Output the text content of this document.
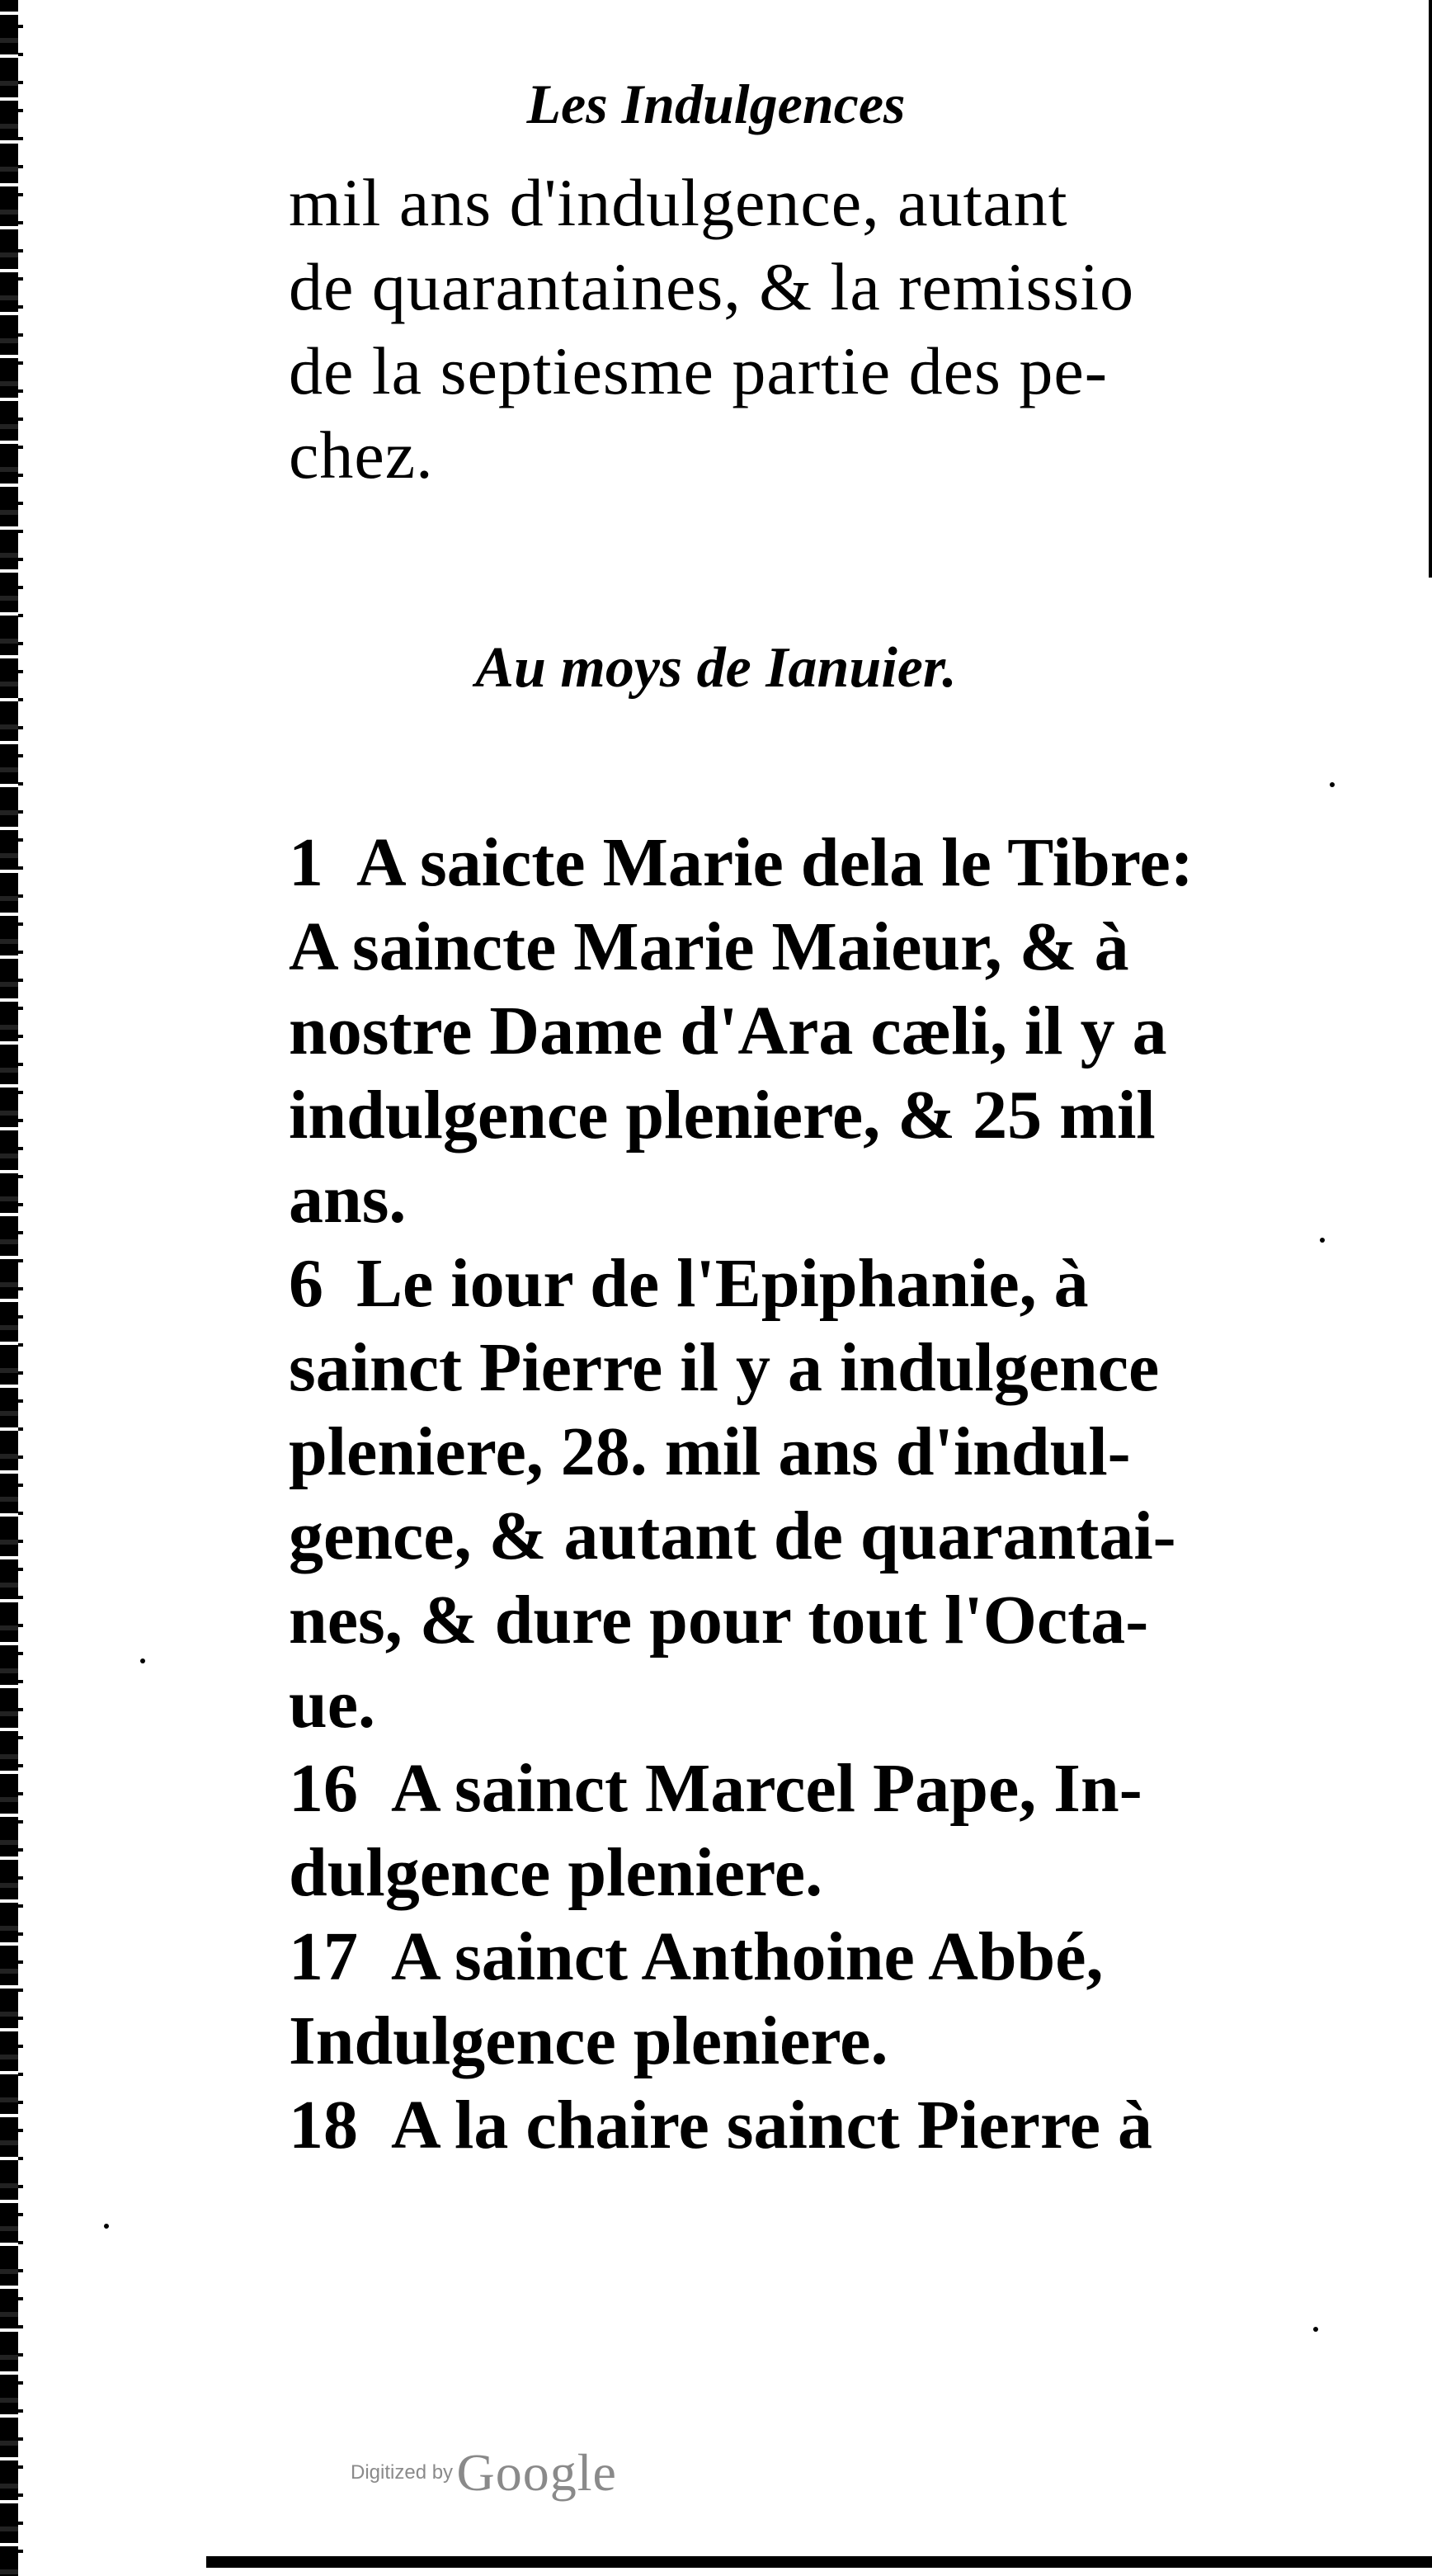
Les Indulgences
mil ans d'indulgence, autant
de quarantaines, & la remissio
de la septiesme partie des pe-
chez.
Au moys de Ianuier.
1 A saicte Marie dela le Tibre:
A saincte Marie Maieur, & à
nostre Dame d'Ara cæli, il y a
indulgence pleniere, & 25 mil
ans.
6 Le iour de l'Epiphanie, à
sainct Pierre il y a indulgence
pleniere, 28. mil ans d'indul-
gence, & autant de quarantai-
nes, & dure pour tout l'Octa-
ue.
16 A sainct Marcel Pape, In-
dulgence pleniere.
17 A sainct Anthoine Abbé,
Indulgence pleniere.
18 A la chaire sainct Pierre à
Digitized by Google
